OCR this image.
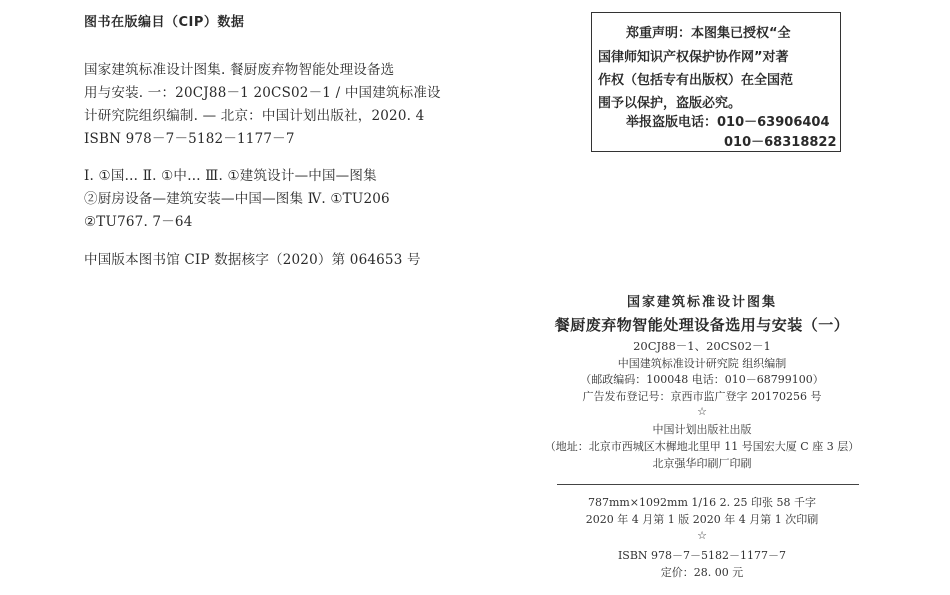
图书在版编目（CIP）数据
国家建筑标准设计图集. 餐厨废弃物智能处理设备选
用与安装. 一：20CJ88－1 20CS02－1 / 中国建筑标准设
计研究院组织编制. — 北京：中国计划出版社，2020. 4
ISBN 978－7－5182－1177－7
Ⅰ. ①国… Ⅱ. ①中… Ⅲ. ①建筑设计—中国—图集
②厨房设备—建筑安装—中国—图集 Ⅳ. ①TU206
②TU767. 7－64
中国版本图书馆 CIP 数据核字（2020）第 064653 号
郑重声明：本图集已授权“全
国律师知识产权保护协作网”对著
作权（包括专有出版权）在全国范
围予以保护，盗版必究。
举报盗版电话：010－63906404
010－68318822
国家建筑标准设计图集
餐厨废弃物智能处理设备选用与安装（一）
20CJ88－1、20CS02－1
中国建筑标准设计研究院 组织编制
（邮政编码：100048 电话：010－68799100）
广告发布登记号：京西市监广登字 20170256 号
☆
中国计划出版社出版
（地址：北京市西城区木樨地北里甲 11 号国宏大厦 C 座 3 层）
北京强华印刷厂印刷
787mm×1092mm 1/16 2. 25 印张 58 千字
2020 年 4 月第 1 版 2020 年 4 月第 1 次印刷
☆
ISBN 978－7－5182－1177－7
定价：28. 00 元
